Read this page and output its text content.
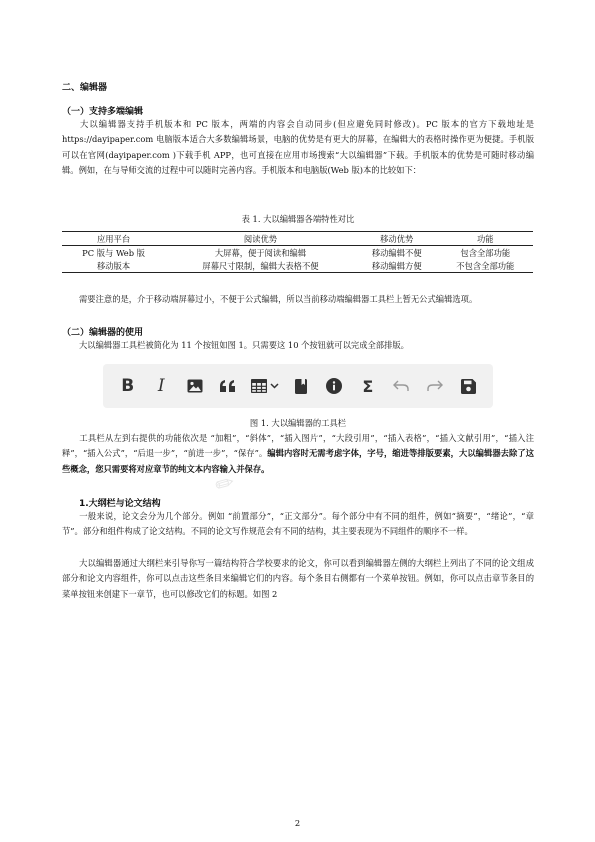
二、编辑器
（一）支持多端编辑
大以编辑器支持手机版本和 PC 版本，两端的内容会自动同步(但应避免同时修改)。PC 版本的官方下载地址是 https://dayipaper.com 电脑版本适合大多数编辑场景，电脑的优势是有更大的屏幕，在编辑大的表格时操作更为便捷。手机版可以在官网(dayipaper.com )下载手机 APP，也可直接在应用市场搜索“大以编辑器”下载。手机版本的优势是可随时移动编辑。例如，在与导师交流的过程中可以随时完善内容。手机版本和电脑版(Web 版)本的比较如下：
表 1. 大以编辑器各端特性对比
应用平台	阅读优势	移动优势	功能
PC 版与 Web 版	大屏幕，便于阅读和编辑	移动编辑不便	包含全部功能
移动版本	屏幕尺寸限制，编辑大表格不便	移动编辑方便	不包含全部功能
需要注意的是，介于移动端屏幕过小，不便于公式编辑，所以当前移动端编辑器工具栏上暂无公式编辑选项。
（二）编辑器的使用
大以编辑器工具栏被简化为 11 个按钮如图 1。只需要这 10 个按钮就可以完成全部排版。
B I	Σ
图 1. 大以编辑器的工具栏
✎
工具栏从左到右提供的功能依次是 “加粗”，“斜体”，“插入图片”，“大段引用”，“插入表格”，“插入文献引用”，“插入注释”，“插入公式”，“后退一步”，“前进一步”，“保存”。编辑内容时无需考虑字体，字号，缩进等排版要素，大以编辑器去除了这些概念，您只需要将对应章节的纯文本内容输入并保存。
1.大纲栏与论文结构
一般来说，论文会分为几个部分。例如 “前置部分”，“正文部分”。每个部分中有不同的组件，例如“摘要”，“绪论”，“章节”。部分和组件构成了论文结构。不同的论文写作规范会有不同的结构，其主要表现为不同组件的顺序不一样。
大以编辑器通过大纲栏来引导你写一篇结构符合学校要求的论文，你可以看到编辑器左侧的大纲栏上列出了不同的论文组成部分和论文内容组件，你可以点击这些条目来编辑它们的内容。每个条目右侧都有一个菜单按钮。例如，你可以点击章节条目的菜单按钮来创建下一章节，也可以修改它们的标题。如图 2
2
